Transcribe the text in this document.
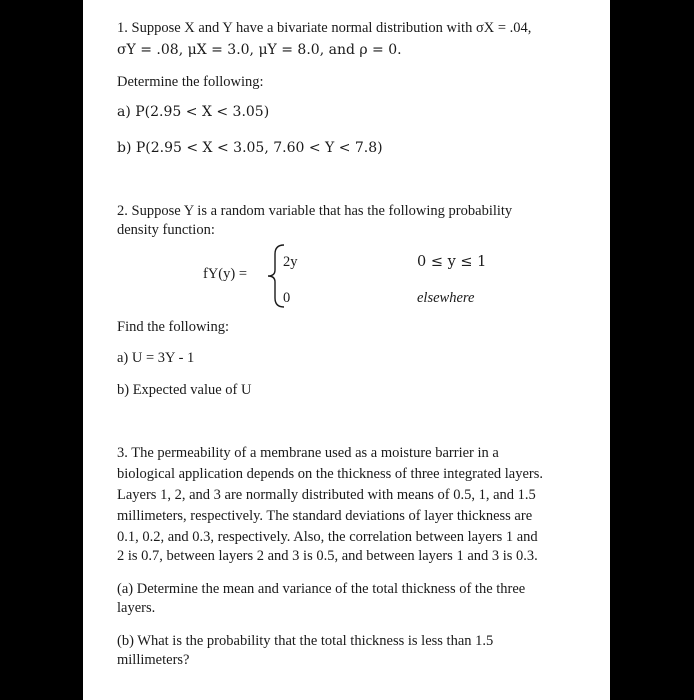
1. Suppose X and Y have a bivariate normal distribution with σX = .04,
σY = .08, μX = 3.0, μY = 8.0, and ρ = 0.
Determine the following:
a) P(2.95 < X < 3.05)
b) P(2.95 < X < 3.05, 7.60 < Y < 7.8)
2. Suppose Y is a random variable that has the following probability
density function:
fY(y) =
2y	0 ≤ y ≤ 1
0	elsewhere
Find the following:
a) U = 3Y - 1
b) Expected value of U
3. The permeability of a membrane used as a moisture barrier in a
biological application depends on the thickness of three integrated layers.
Layers 1, 2, and 3 are normally distributed with means of 0.5, 1, and 1.5
millimeters, respectively. The standard deviations of layer thickness are
0.1, 0.2, and 0.3, respectively. Also, the correlation between layers 1 and
2 is 0.7, between layers 2 and 3 is 0.5, and between layers 1 and 3 is 0.3.
(a) Determine the mean and variance of the total thickness of the three
layers.
(b) What is the probability that the total thickness is less than 1.5
millimeters?
